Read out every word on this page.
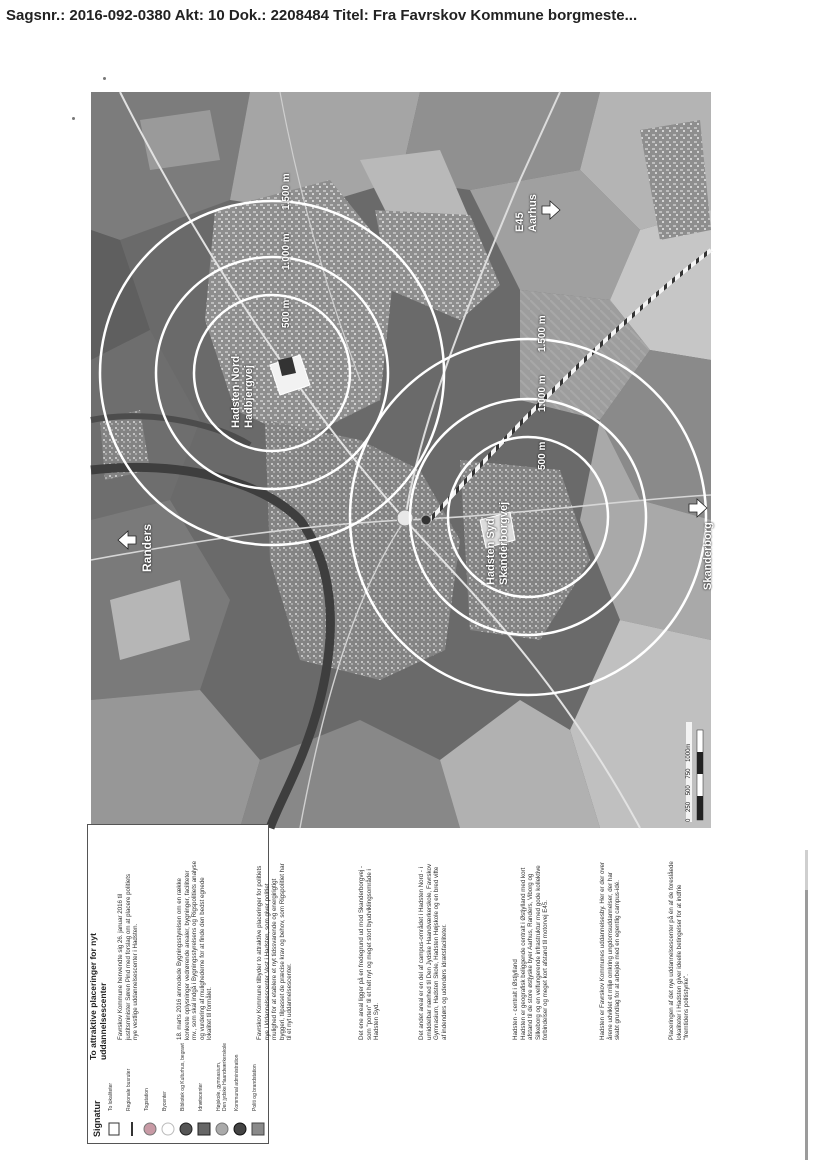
Sagsnr.: 2016-092-0380 Akt: 10 Dok.: 2208484 Titel: Fra Favrskov Kommune borgmeste...
Hadsten Nord
Hadbjergvej
Hadsten Syd
Skanderborgvej
500 m
1.000 m
1.500 m
500 m
1.000 m
1.500 m
Randers
E45
Aarhus
Skanderborg
0    250    500    750    1000m
Signatur
To lokaliteter Regionale busruter Togstation Bycenter Bibliotek og Kulturhus, begravt Idrætscenter Højskole, gymnasium,
Den jydske Haandværkerskole Kommunal administration Politi og brandstation
To attraktive placeringer for nyt uddannelsescenter Favrskov Kommune henvendte sig 26. januar 2016 til justitsminister Søren Pind med forslag om at placere politiets nye vestlige uddannelsescenter i Hadsten.	18. marts 2016 anmodede Bygningsstyrelsen om en række konkrete oplysninger vedrørende arealer, bygninger, faciliteter mv., som skal indgå i Bygningsstyrelsens og Rigspolitiets analyse og vurdering af mulighederne for at finde den bedst egnede lokalitet til formålet.	Favrskov Kommune tilbyder to attraktive placeringer for politiets nye Uddannelsescenter Vest i Hadsten, som giver politiet mulighed for at etablere et nyt tidssvarende og energirigtigt byggeri, tilpasset de præcise krav og behov, som Rigspolitiet har til et nyt uddannelsescenter.	Det ene areal ligger på en fredegrund ud mod Skanderborgvej - som "porten" til et helt nyt og meget stort byudviklingsområde i Hadsten Syd.	Det andet areal er en del af campus-området i Hadsten Nord - i umiddelbar nærhed til Den Jydske Haandværkerskole, Favrskov Gymnasium, Hadsten Skole, Hadsten Højskole og en bred vifte af indendørs og udendørs idrætsfaciliteter.	Hadsten - centralt i Østjylland
Hadsten er geografisk beliggende centralt i Østjylland med kort afstand til de store østjyske byer Aarhus, Randers, Viborg og Silkeborg og en velfungerende infrastruktur med gode kollektive forbindelser og meget kort afstand til motorvej E45.	Hadsten er Favrskov Kommunes uddannelsesby. Her er der over årene udviklet et miljø omkring ungdomsuddannelser, der har skabt grundlag for at arbejde med en egentlig campus-idé.	Placeringen af det nye uddannelsescenter på én af de foreslåede lokaliteter i Hadsten giver ideelle betingelser for at indfrie "fremtidens politistyrke".
